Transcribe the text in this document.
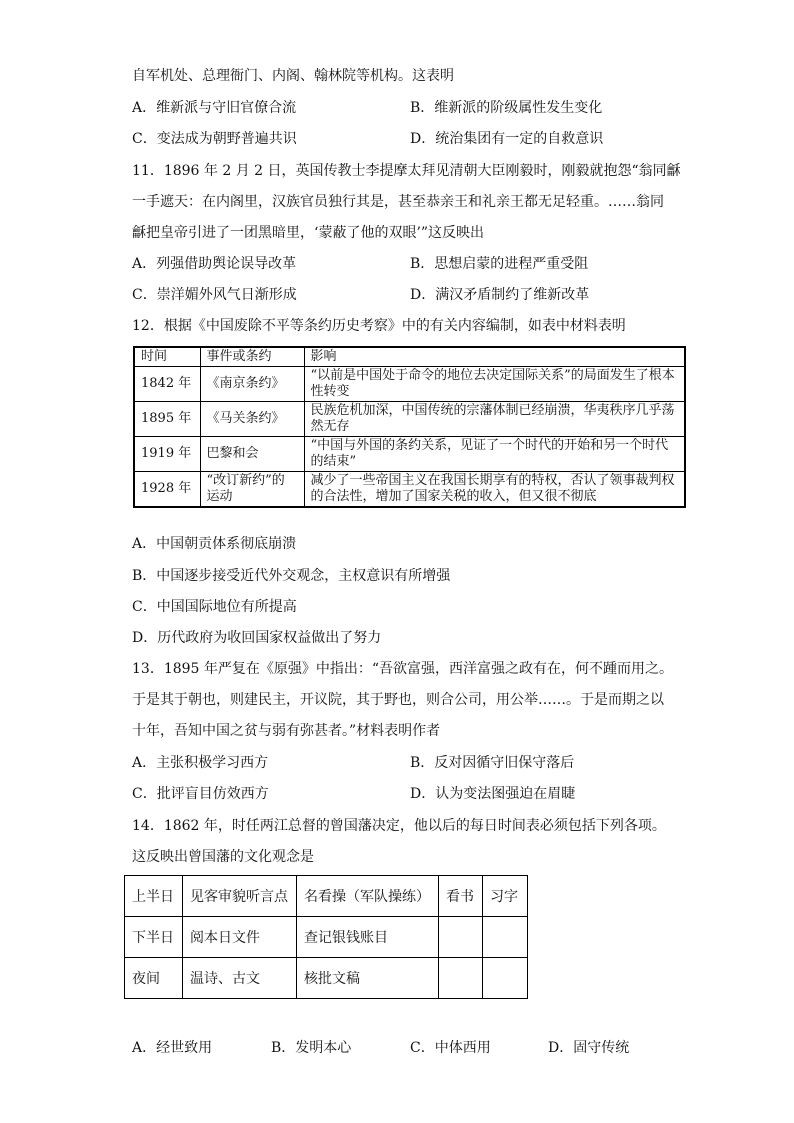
自军机处、总理衙门、内阁、翰林院等机构。这表明
A．维新派与守旧官僚合流	B．维新派的阶级属性发生变化
C．变法成为朝野普遍共识	D．统治集团有一定的自救意识
11．1896 年 2 月 2 日，英国传教士李提摩太拜见清朝大臣刚毅时，刚毅就抱怨“翁同龢
一手遮天：在内阁里，汉族官员独行其是，甚至恭亲王和礼亲王都无足轻重。……翁同
龢把皇帝引进了一团黑暗里，‘蒙蔽了他的双眼’”这反映出
A．列强借助舆论误导改革	B．思想启蒙的进程严重受阻
C．崇洋媚外风气日渐形成	D．满汉矛盾制约了维新改革
12．根据《中国废除不平等条约历史考察》中的有关内容编制，如表中材料表明
时间	事件或条约	影响
1842 年	《南京条约》	“以前是中国处于命令的地位去决定国际关系”的局面发生了根本性转变
1895 年	《马关条约》	民族危机加深，中国传统的宗藩体制已经崩溃，华夷秩序几乎荡然无存
1919 年	巴黎和会	“中国与外国的条约关系，见证了一个时代的开始和另一个时代的结束”
1928 年	“改订新约”的运动	减少了一些帝国主义在我国长期享有的特权，否认了领事裁判权的合法性，增加了国家关税的收入，但又很不彻底
A．中国朝贡体系彻底崩溃
B．中国逐步接受近代外交观念，主权意识有所增强
C．中国国际地位有所提高
D．历代政府为收回国家权益做出了努力
13．1895 年严复在《原强》中指出：“吾欲富强，西洋富强之政有在，何不踵而用之。
于是其于朝也，则建民主，开议院，其于野也，则合公司，用公举……。于是而期之以
十年，吾知中国之贫与弱有弥甚者。”材料表明作者
A．主张积极学习西方	B．反对因循守旧保守落后
C．批评盲目仿效西方	D．认为变法图强迫在眉睫
14．1862 年，时任两江总督的曾国藩决定，他以后的每日时间表必须包括下列各项。
这反映出曾国藩的文化观念是
上半日	见客审貌听言点	名看操（军队操练）	看书	习字
下半日	阅本日文件	查记银钱账目		
夜间	温诗、古文	核批文稿		
A．经世致用	B．发明本心	C．中体西用	D．固守传统
